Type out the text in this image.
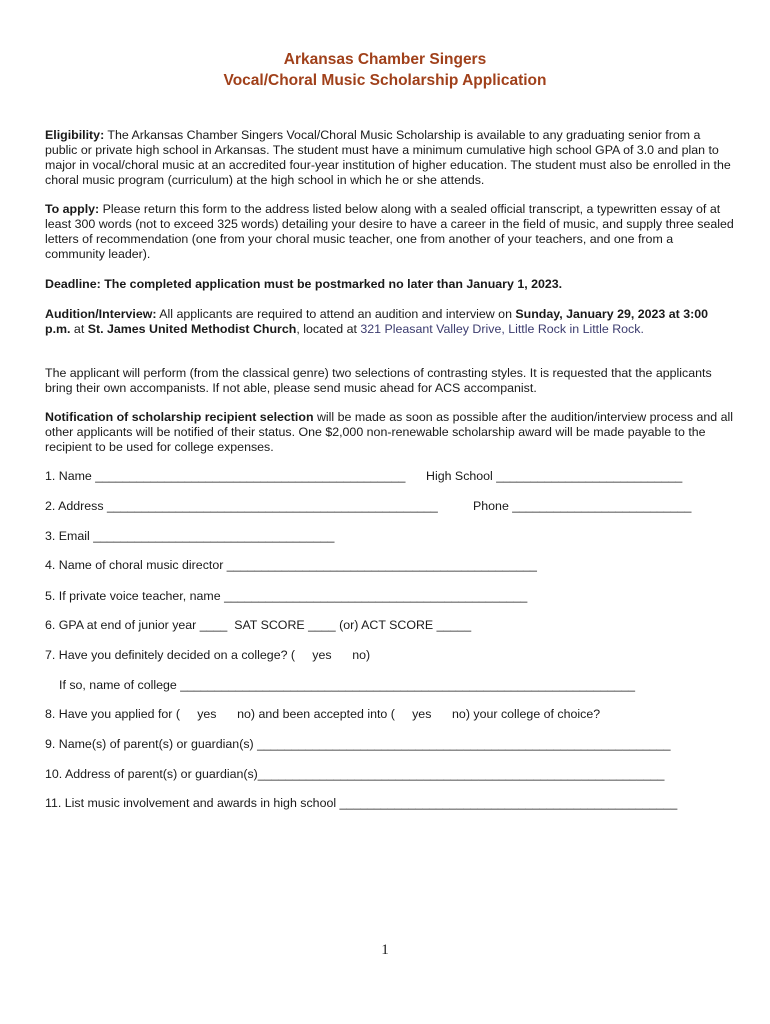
Arkansas Chamber Singers
Vocal/Choral Music Scholarship Application

Eligibility: The Arkansas Chamber Singers Vocal/Choral Music Scholarship is available to any graduating senior from a public or private high school in Arkansas. The student must have a minimum cumulative high school GPA of 3.0 and plan to major in vocal/choral music at an accredited four-year institution of higher education. The student must also be enrolled in the choral music program (curriculum) at the high school in which he or she attends.

To apply: Please return this form to the address listed below along with a sealed official transcript, a typewritten essay of at least 300 words (not to exceed 325 words) detailing your desire to have a career in the field of music, and supply three sealed letters of recommendation (one from your choral music teacher, one from another of your teachers, and one from a community leader).

Deadline: The completed application must be postmarked no later than January 1, 2023.

Audition/Interview: All applicants are required to attend an audition and interview on Sunday, January 29, 2023 at 3:00 p.m. at St. James United Methodist Church, located at 321 Pleasant Valley Drive, Little Rock in Little Rock.

The applicant will perform (from the classical genre) two selections of contrasting styles. It is requested that the applicants bring their own accompanists. If not able, please send music ahead for ACS accompanist.

Notification of scholarship recipient selection will be made as soon as possible after the audition/interview process and all other applicants will be notified of their status. One $2,000 non-renewable scholarship award will be made payable to the recipient to be used for college expenses.

1. Name _____________________________________________ High School ___________________________
2. Address ________________________________________________	Phone __________________________
3. Email ___________________________________
4. Name of choral music director _____________________________________________
5. If private voice teacher, name ____________________________________________
6. GPA at end of junior year ____  SAT SCORE ____ (or) ACT SCORE _____
7. Have you definitely decided on a college? (     yes      no)
If so, name of college __________________________________________________________________
8. Have you applied for (     yes      no) and been accepted into (     yes      no) your college of choice?
9. Name(s) of parent(s) or guardian(s) ____________________________________________________________
10. Address of parent(s) or guardian(s)___________________________________________________________
11. List music involvement and awards in high school _________________________________________________
1
